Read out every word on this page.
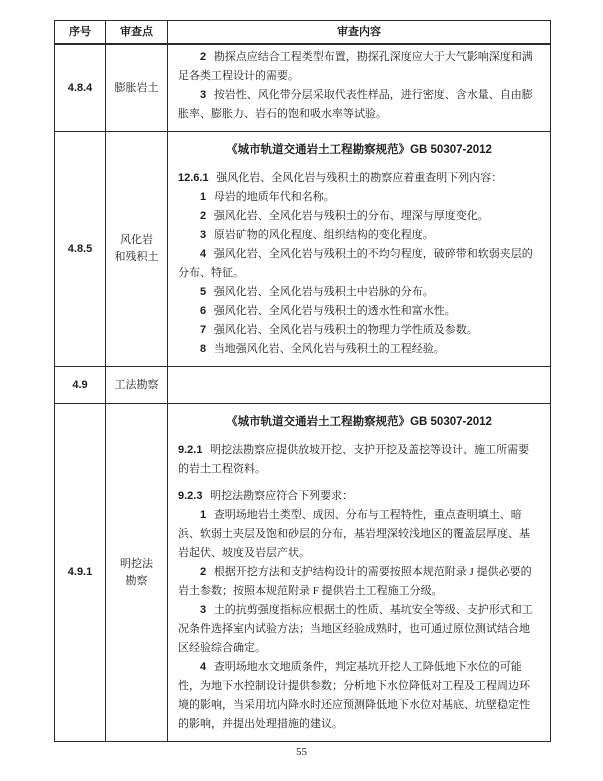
序号	审查点	审查内容
4.8.4 膨胀岩土
2 勘探点应结合工程类型布置，勘探孔深度应大于大气影响深度和满足各类工程设计的需要。
3 按岩性、风化带分层采取代表性样品，进行密度、含水量、自由膨胀率、膨胀力、岩石的饱和吸水率等试验。
4.8.5
风化岩
和残积土
《城市轨道交通岩土工程勘察规范》GB 50307-2012
12.6.1 强风化岩、全风化岩与残积土的勘察应着重查明下列内容：
1 母岩的地质年代和名称。
2 强风化岩、全风化岩与残积土的分布、埋深与厚度变化。
3 原岩矿物的风化程度、组织结构的变化程度。
4 强风化岩、全风化岩与残积土的不均匀程度，破碎带和软弱夹层的分布、特征。
5 强风化岩、全风化岩与残积土中岩脉的分布。
6 强风化岩、全风化岩与残积土的透水性和富水性。
7 强风化岩、全风化岩与残积土的物理力学性质及参数。
8 当地强风化岩、全风化岩与残积土的工程经验。
4.9 工法勘察
4.9.1
明挖法
勘察
《城市轨道交通岩土工程勘察规范》GB 50307-2012
9.2.1 明挖法勘察应提供放坡开挖、支护开挖及盖挖等设计、施工所需要的岩土工程资料。
9.2.3 明挖法勘察应符合下列要求：
1 查明场地岩土类型、成因、分布与工程特性，重点查明填土、暗浜、软弱土夹层及饱和砂层的分布，基岩埋深较浅地区的覆盖层厚度、基岩起伏、坡度及岩层产状。
2 根据开挖方法和支护结构设计的需要按照本规范附录 J 提供必要的岩土参数；按照本规范附录 F 提供岩土工程施工分级。
3 土的抗剪强度指标应根据土的性质、基坑安全等级、支护形式和工况条件选择室内试验方法；当地区经验成熟时，也可通过原位测试结合地区经验综合确定。
4 查明场地水文地质条件，判定基坑开挖人工降低地下水位的可能性，为地下水控制设计提供参数；分析地下水位降低对工程及工程周边环境的影响，当采用坑内降水时还应预测降低地下水位对基底、坑壁稳定性的影响，并提出处理措施的建议。
55
